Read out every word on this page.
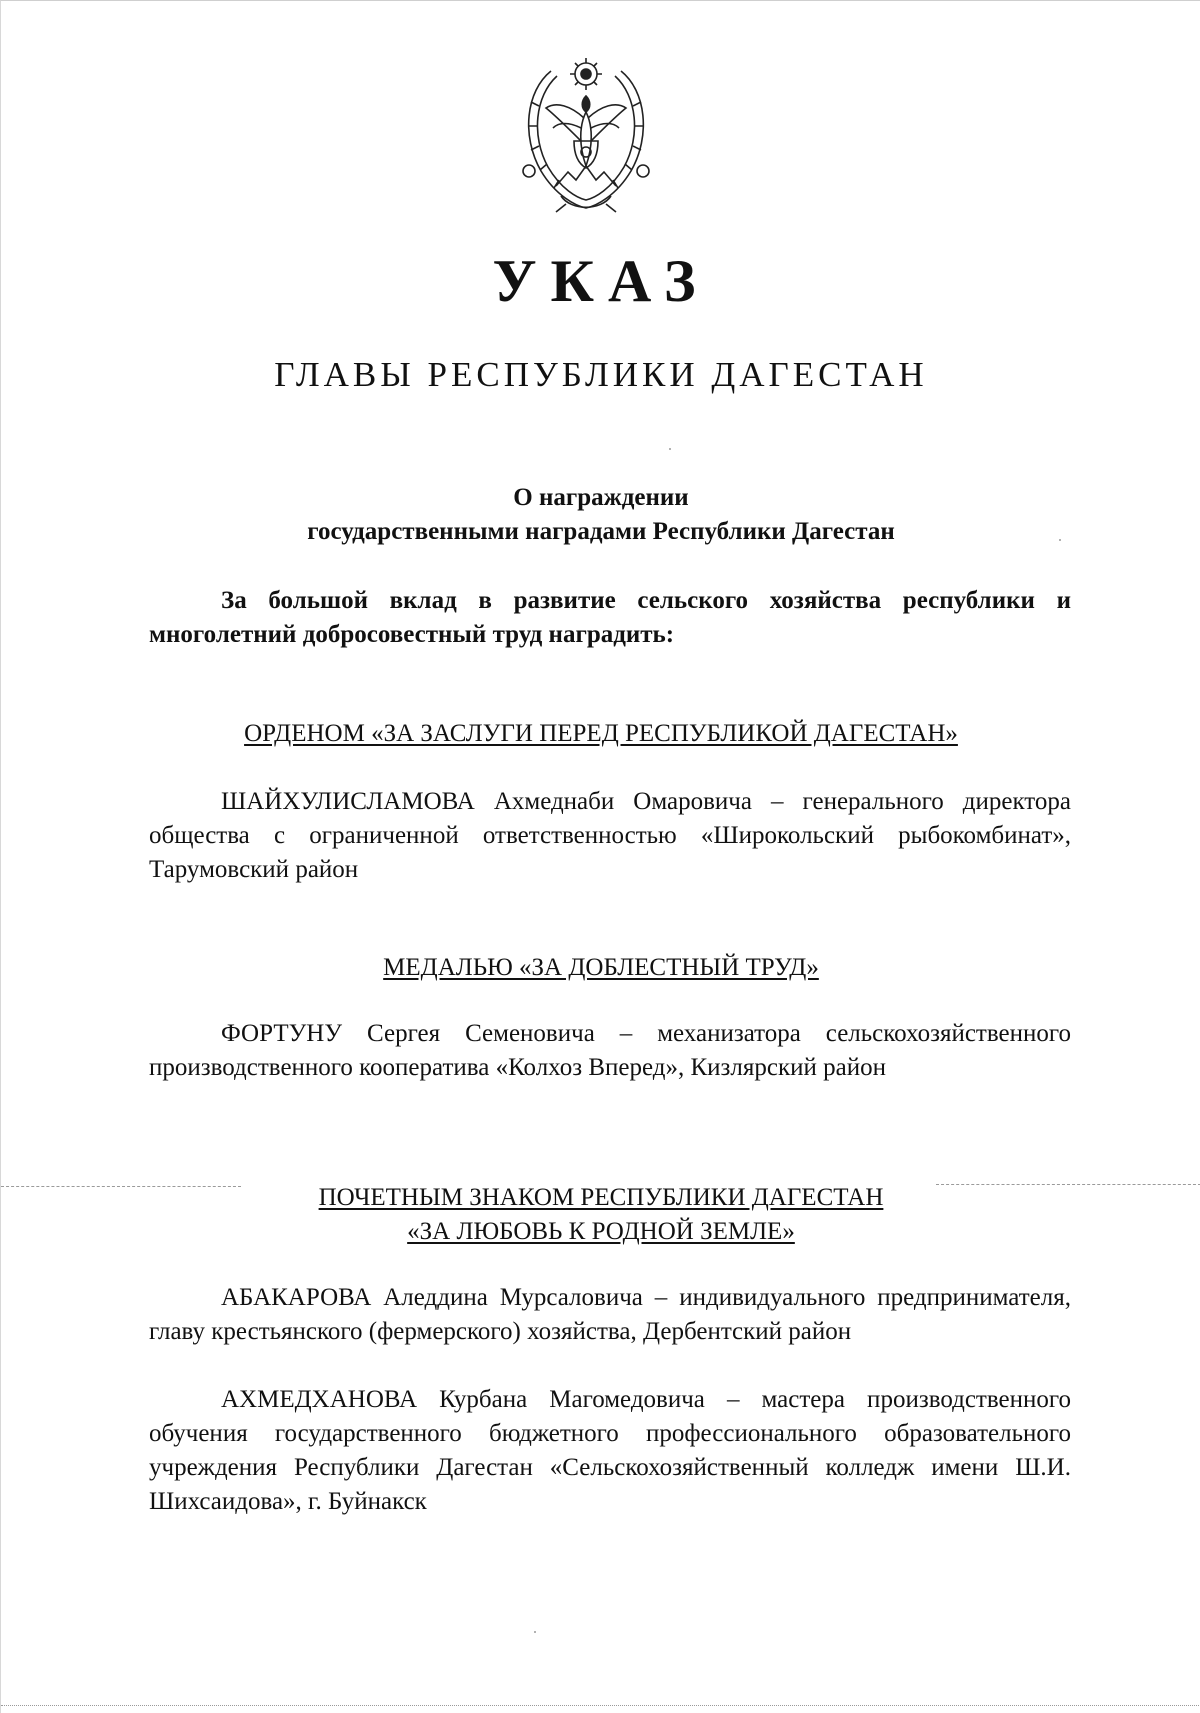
УКАЗ
ГЛАВЫ РЕСПУБЛИКИ ДАГЕСТАН
О награждении
государственными наградами Республики Дагестан
За большой вклад в развитие сельского хозяйства республики и многолетний добросовестный труд наградить:
ОРДЕНОМ «ЗА ЗАСЛУГИ ПЕРЕД РЕСПУБЛИКОЙ ДАГЕСТАН»
ШАЙХУЛИСЛАМОВА Ахмеднаби Омаровича – генерального директора общества с ограниченной ответственностью «Широкольский рыбокомбинат», Тарумовский район
МЕДАЛЬЮ «ЗА ДОБЛЕСТНЫЙ ТРУД»
ФОРТУНУ Сергея Семеновича – механизатора сельскохозяйственного производственного кооператива «Колхоз Вперед», Кизлярский район
ПОЧЕТНЫМ ЗНАКОМ РЕСПУБЛИКИ ДАГЕСТАН
«ЗА ЛЮБОВЬ К РОДНОЙ ЗЕМЛЕ»
АБАКАРОВА Аледдина Мурсаловича – индивидуального предпринимателя, главу крестьянского (фермерского) хозяйства, Дербентский район
АХМЕДХАНОВА Курбана Магомедовича – мастера производственного обучения государственного бюджетного профессионального образовательного учреждения Республики Дагестан «Сельскохозяйственный колледж имени Ш.И. Шихсаидова», г. Буйнакск
